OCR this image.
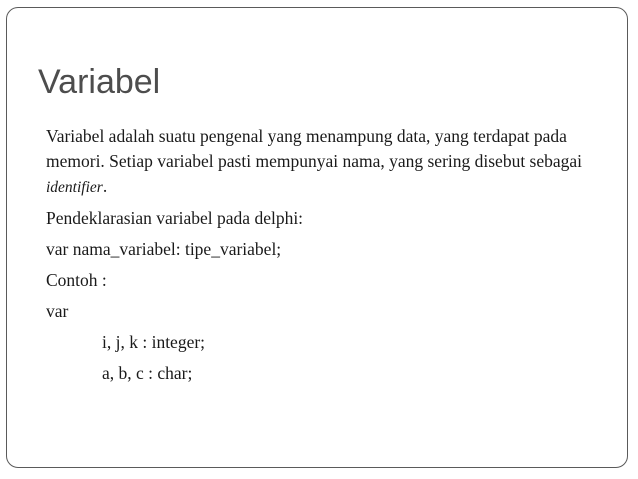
Variabel

Variabel adalah suatu pengenal yang menampung data, yang terdapat pada memori. Setiap variabel pasti mempunyai nama, yang sering disebut sebagai identifier.

Pendeklarasian variabel pada delphi:

var nama_variabel: tipe_variabel;

Contoh :

var

i, j, k : integer;

a, b, c : char;
